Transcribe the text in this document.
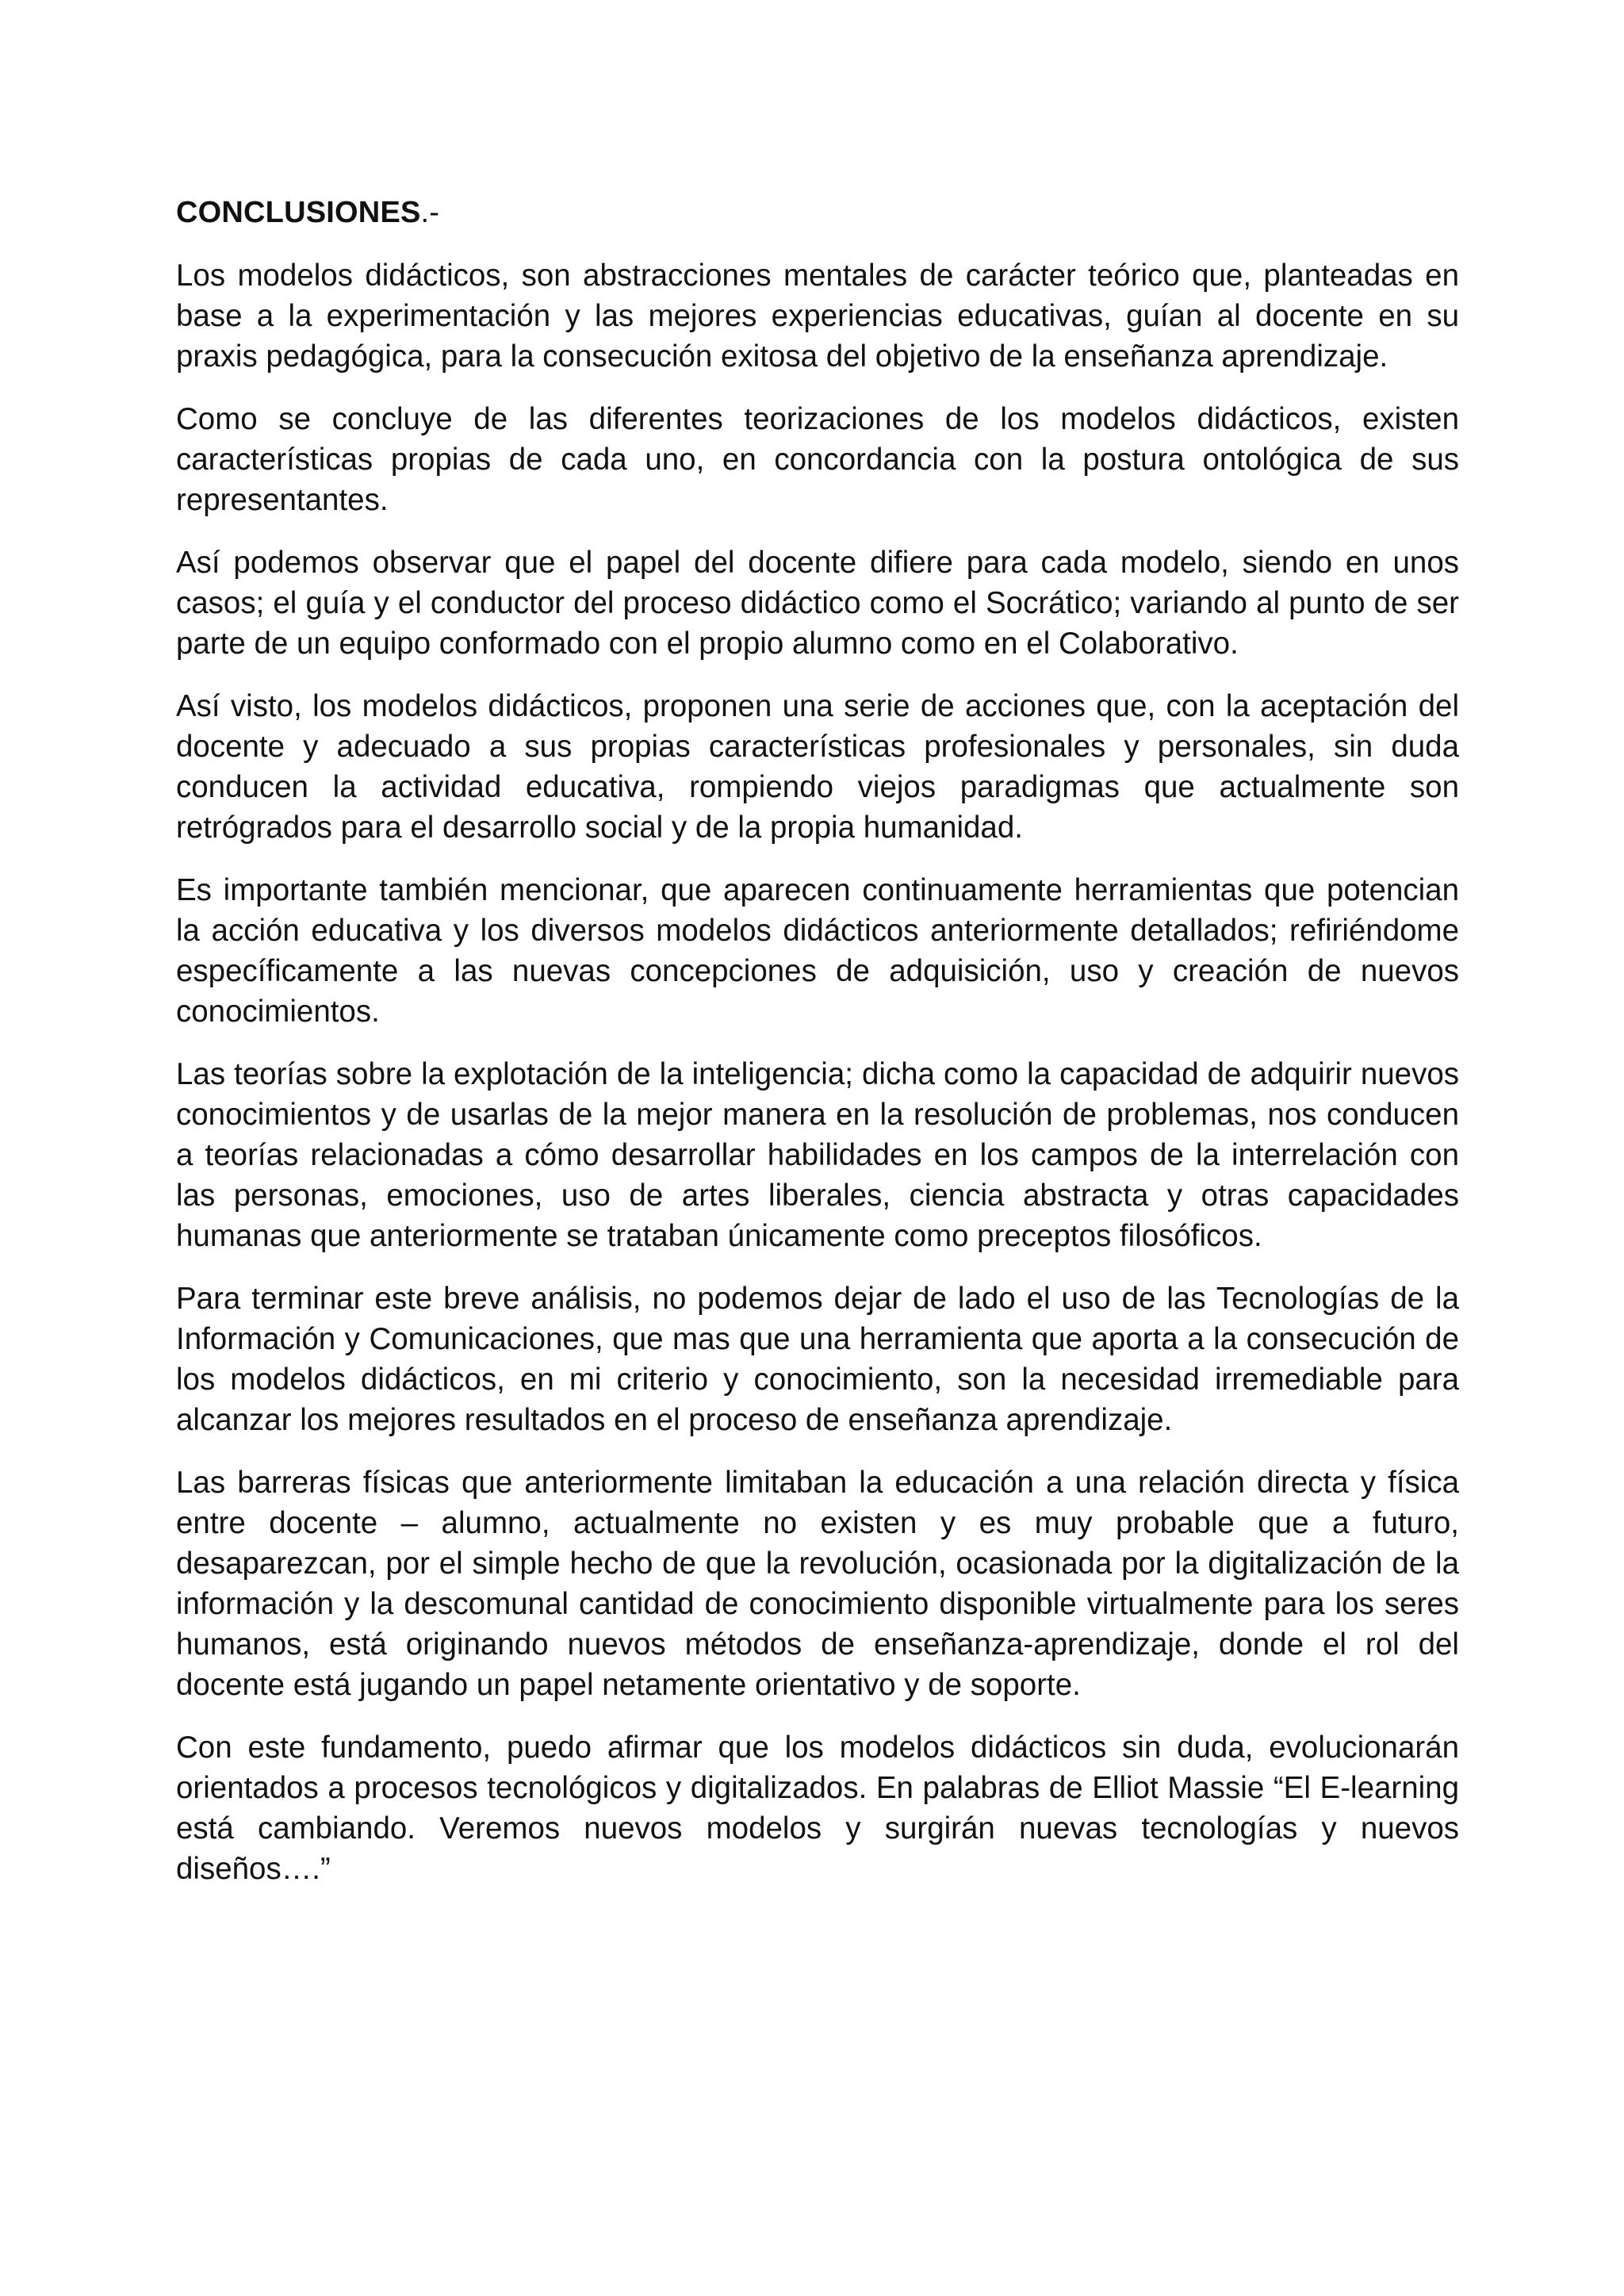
CONCLUSIONES.-

Los modelos didácticos, son abstracciones mentales de carácter teórico que, planteadas en base a la experimentación y las mejores experiencias educativas, guían al docente en su praxis pedagógica, para la consecución exitosa del objetivo de la enseñanza aprendizaje.

Como se concluye de las diferentes teorizaciones de los modelos didácticos, existen características propias de cada uno, en concordancia con la postura ontológica de sus representantes.

Así podemos observar que el papel del docente difiere para cada modelo, siendo en unos casos; el guía y el conductor del proceso didáctico como el Socrático; variando al punto de ser parte de un equipo conformado con el propio alumno como en el Colaborativo.

Así visto, los modelos didácticos, proponen una serie de acciones que, con la aceptación del docente y adecuado a sus propias características profesionales y personales, sin duda conducen la actividad educativa, rompiendo viejos paradigmas que actualmente son retrógrados para el desarrollo social y de la propia humanidad.

Es importante también mencionar, que aparecen continuamente herramientas que potencian la acción educativa y los diversos modelos didácticos anteriormente detallados; refiriéndome específicamente a las nuevas concepciones de adquisición, uso y creación de nuevos conocimientos.

Las teorías sobre la explotación de la inteligencia; dicha como la capacidad de adquirir nuevos conocimientos y de usarlas de la mejor manera en la resolución de problemas, nos conducen a teorías relacionadas a cómo desarrollar habilidades en los campos de la interrelación con las personas, emociones, uso de artes liberales, ciencia abstracta y otras capacidades humanas que anteriormente se trataban únicamente como preceptos filosóficos.

Para terminar este breve análisis, no podemos dejar de lado el uso de las Tecnologías de la Información y Comunicaciones, que mas que una herramienta que aporta a la consecución de los modelos didácticos, en mi criterio y conocimiento, son la necesidad irremediable para alcanzar los mejores resultados en el proceso de enseñanza aprendizaje.

Las barreras físicas que anteriormente limitaban la educación a una relación directa y física entre docente – alumno, actualmente no existen y es muy probable que a futuro, desaparezcan, por el simple hecho de que la revolución, ocasionada por la digitalización de la información y la descomunal cantidad de conocimiento disponible virtualmente para los seres humanos, está originando nuevos métodos de enseñanza-aprendizaje, donde el rol del docente está jugando un papel netamente orientativo y de soporte.

Con este fundamento, puedo afirmar que los modelos didácticos sin duda, evolucionarán orientados a procesos tecnológicos y digitalizados. En palabras de Elliot Massie “El E-learning está cambiando. Veremos nuevos modelos y surgirán nuevas tecnologías y nuevos diseños….”
